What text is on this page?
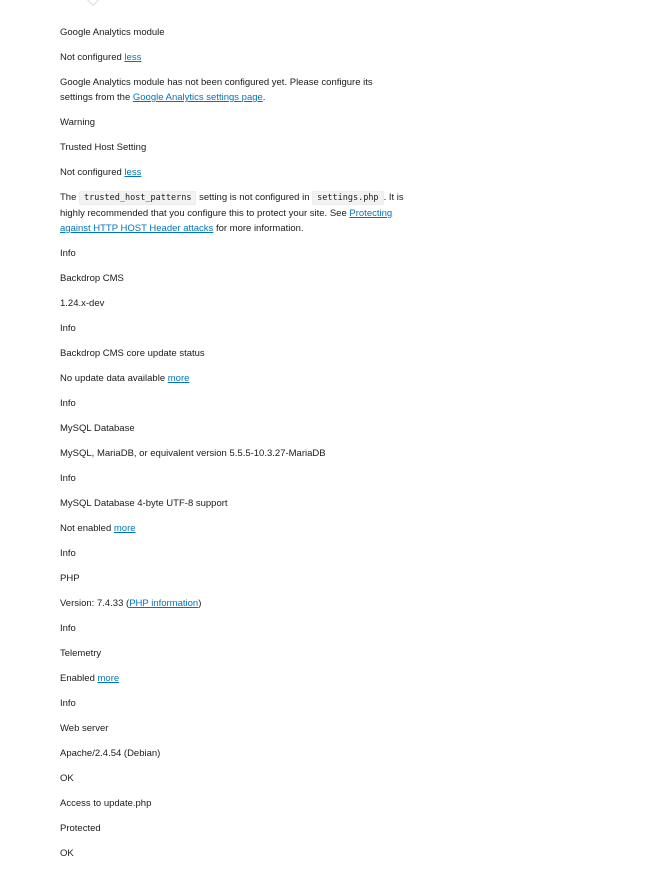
Google Analytics module
Not configured less
Google Analytics module has not been configured yet. Please configure its settings from the Google Analytics settings page.
Warning
Trusted Host Setting
Not configured less
The trusted_host_patterns setting is not configured in settings.php . It is highly recommended that you configure this to protect your site. See Protecting against HTTP HOST Header attacks for more information.
Info
Backdrop CMS
1.24.x-dev
Info
Backdrop CMS core update status
No update data available more
Info
MySQL Database
MySQL, MariaDB, or equivalent version 5.5.5-10.3.27-MariaDB
Info
MySQL Database 4-byte UTF-8 support
Not enabled more
Info
PHP
Version: 7.4.33 (PHP information)
Info
Telemetry
Enabled more
Info
Web server
Apache/2.4.54 (Debian)
OK
Access to update.php
Protected
OK
